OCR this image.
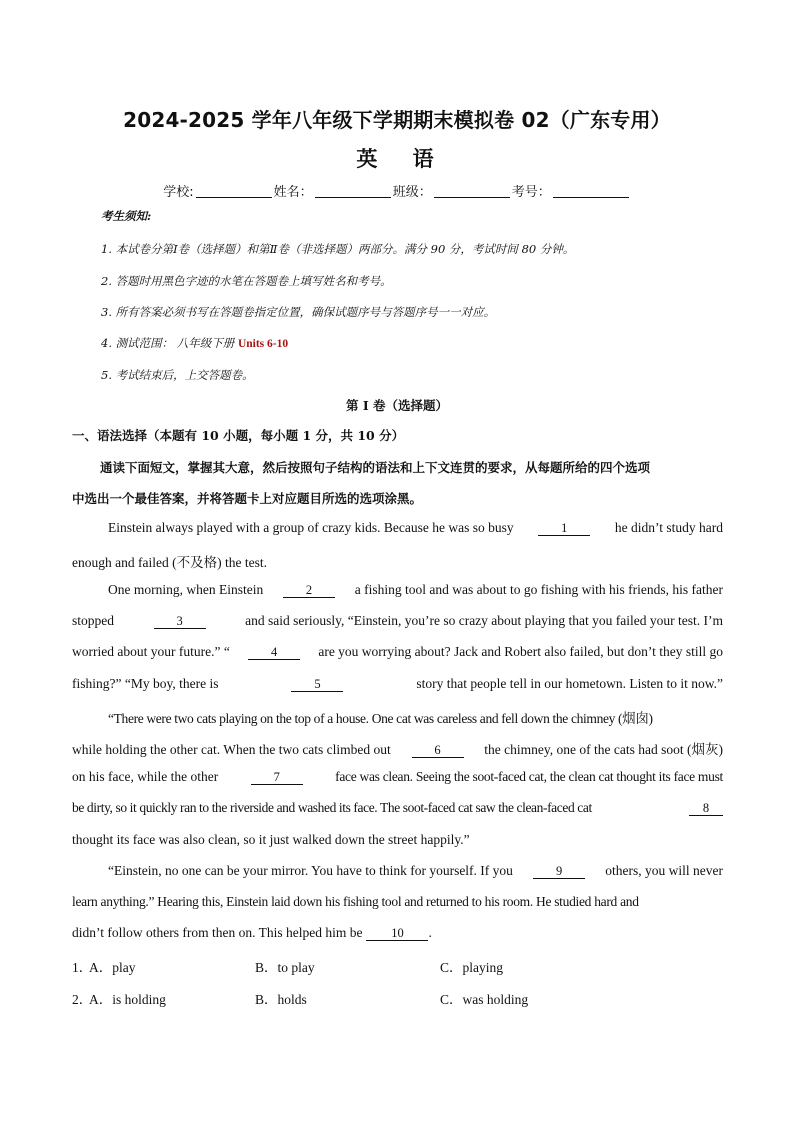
2024-2025 学年八年级下学期期末模拟卷 02（广东专用）
英 语
学校:	姓名：	班级：	考号：
考生须知:
1. 本试卷分第Ⅰ卷（选择题）和第Ⅱ卷（非选择题）两部分。满分 90 分，考试时间 80 分钟。
2. 答题时用黑色字迹的水笔在答题卷上填写姓名和考号。
3. 所有答案必须书写在答题卷指定位置，确保试题序号与答题序号一一对应。
4. 测试范围： 八年级下册 Units 6-10
5. 考试结束后，上交答题卷。
第 I 卷（选择题）
一、语法选择（本题有 10 小题，每小题 1 分，共 10 分）
通读下面短文，掌握其大意，然后按照句子结构的语法和上下文连贯的要求，从每题所给的四个选项
中选出一个最佳答案，并将答题卡上对应题目所选的选项涂黑。
Einstein always played with a group of crazy kids. Because he was so busy	1	he didn’t study hard
enough and failed (不及格) the test.
One morning, when Einstein	2	a fishing tool and was about to go fishing with his friends, his father
stopped	3	and said seriously, “Einstein, you’re so crazy about playing that you failed your test. I’m
worried about your future.” “	4	are you worrying about? Jack and Robert also failed, but don’t they still go
fishing?” “My boy, there is	5	story that people tell in our hometown. Listen to it now.”
“There were two cats playing on the top of a house. One cat was careless and fell down the chimney (烟囱)
while holding the other cat. When the two cats climbed out	6	the chimney, one of the cats had soot (烟灰)
on his face, while the other	7	face was clean. Seeing the soot-faced cat, the clean cat thought its face must
be dirty, so it quickly ran to the riverside and washed its face. The soot-faced cat saw the clean-faced cat	8
thought its face was also clean, so it just walked down the street happily.”
“Einstein, no one can be your mirror. You have to think for yourself. If you	9	others, you will never
learn anything.” Hearing this, Einstein laid down his fishing tool and returned to his room. He studied hard and
didn’t follow others from then on. This helped him be	10	.
1．
A．play	B．to play	C．playing
2．
A．is holding	B．holds	C．was holding
